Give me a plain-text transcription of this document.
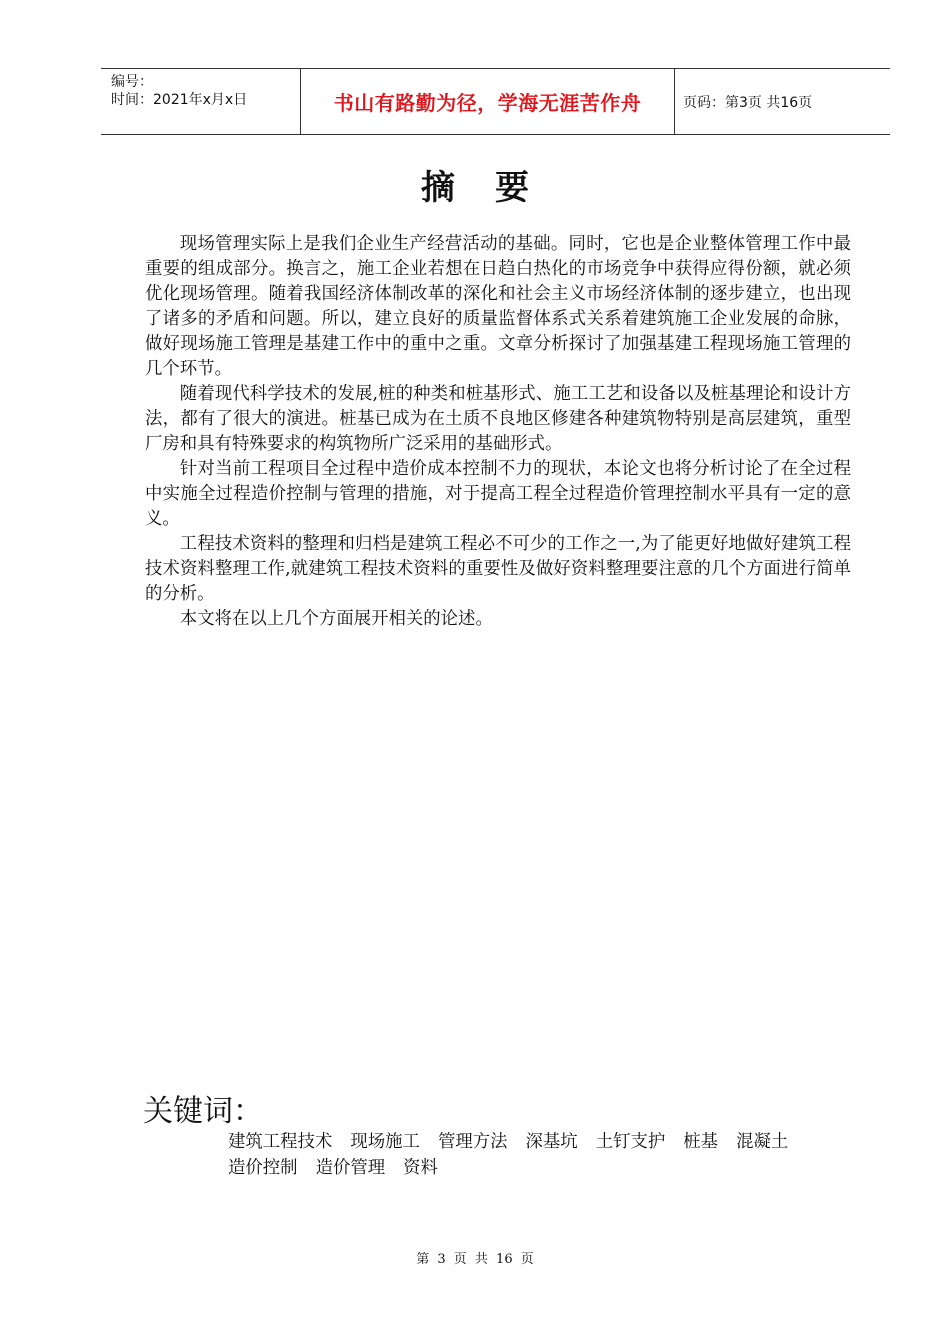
编号：
时间：2021年x月x日	书山有路勤为径，学海无涯苦作舟	页码：第3页 共16页
摘要

现场管理实际上是我们企业生产经营活动的基础。同时，它也是企业整体管理工作中最重要的组成部分。换言之，施工企业若想在日趋白热化的市场竞争中获得应得份额，就必须优化现场管理。随着我国经济体制改革的深化和社会主义市场经济体制的逐步建立，也出现了诸多的矛盾和问题。所以，建立良好的质量监督体系式关系着建筑施工企业发展的命脉，做好现场施工管理是基建工作中的重中之重。文章分析探讨了加强基建工程现场施工管理的几个环节。

随着现代科学技术的发展,桩的种类和桩基形式、施工工艺和设备以及桩基理论和设计方法，都有了很大的演进。桩基已成为在土质不良地区修建各种建筑物特别是高层建筑，重型厂房和具有特殊要求的构筑物所广泛采用的基础形式。

针对当前工程项目全过程中造价成本控制不力的现状，本论文也将分析讨论了在全过程中实施全过程造价控制与管理的措施，对于提高工程全过程造价管理控制水平具有一定的意义。

工程技术资料的整理和归档是建筑工程必不可少的工作之一,为了能更好地做好建筑工程技术资料整理工作,就建筑工程技术资料的重要性及做好资料整理要注意的几个方面进行简单的分析。

本文将在以上几个方面展开相关的论述。

关键词：
建筑工程技术 现场施工 管理方法 深基坑 土钉支护 桩基 混凝土造价控制 造价管理 资料
第 3 页 共 16 页
